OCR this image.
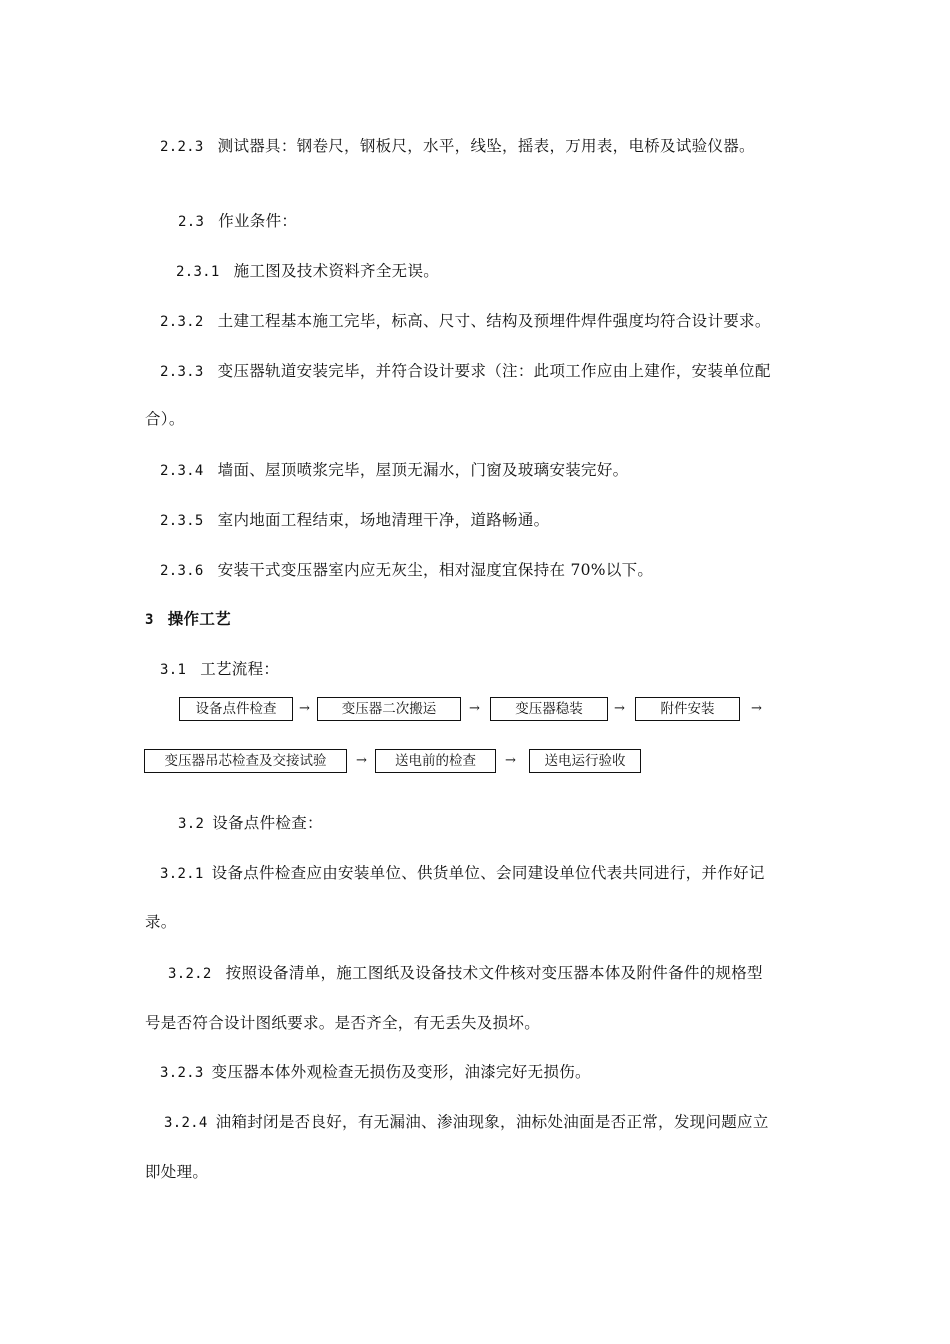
2.2.3 测试器具：钢卷尺，钢板尺，水平，线坠，摇表，万用表，电桥及试验仪器。
2.3 作业条件：
2.3.1 施工图及技术资料齐全无误。
2.3.2 土建工程基本施工完毕，标高、尺寸、结构及预埋件焊件强度均符合设计要求。
2.3.3 变压器轨道安装完毕，并符合设计要求（注：此项工作应由上建作，安装单位配
合）。
2.3.4 墙面、屋顶喷浆完毕，屋顶无漏水，门窗及玻璃安装完好。
2.3.5 室内地面工程结束，场地清理干净，道路畅通。
2.3.6 安装干式变压器室内应无灰尘，相对湿度宜保持在 70%以下。
3 操作工艺
3.1 工艺流程：
设备点件检查	→	变压器二次搬运	→	变压器稳装	→	附件安装	→
变压器吊芯检查及交接试验	→	送电前的检查	→	送电运行验收
3.2 设备点件检查：
3.2.1 设备点件检查应由安装单位、供货单位、会同建设单位代表共同进行，并作好记
录。
3.2.2 按照设备清单，施工图纸及设备技术文件核对变压器本体及附件备件的规格型
号是否符合设计图纸要求。是否齐全，有无丢失及损坏。
3.2.3 变压器本体外观检查无损伤及变形，油漆完好无损伤。
3.2.4 油箱封闭是否良好，有无漏油、渗油现象，油标处油面是否正常，发现问题应立
即处理。
